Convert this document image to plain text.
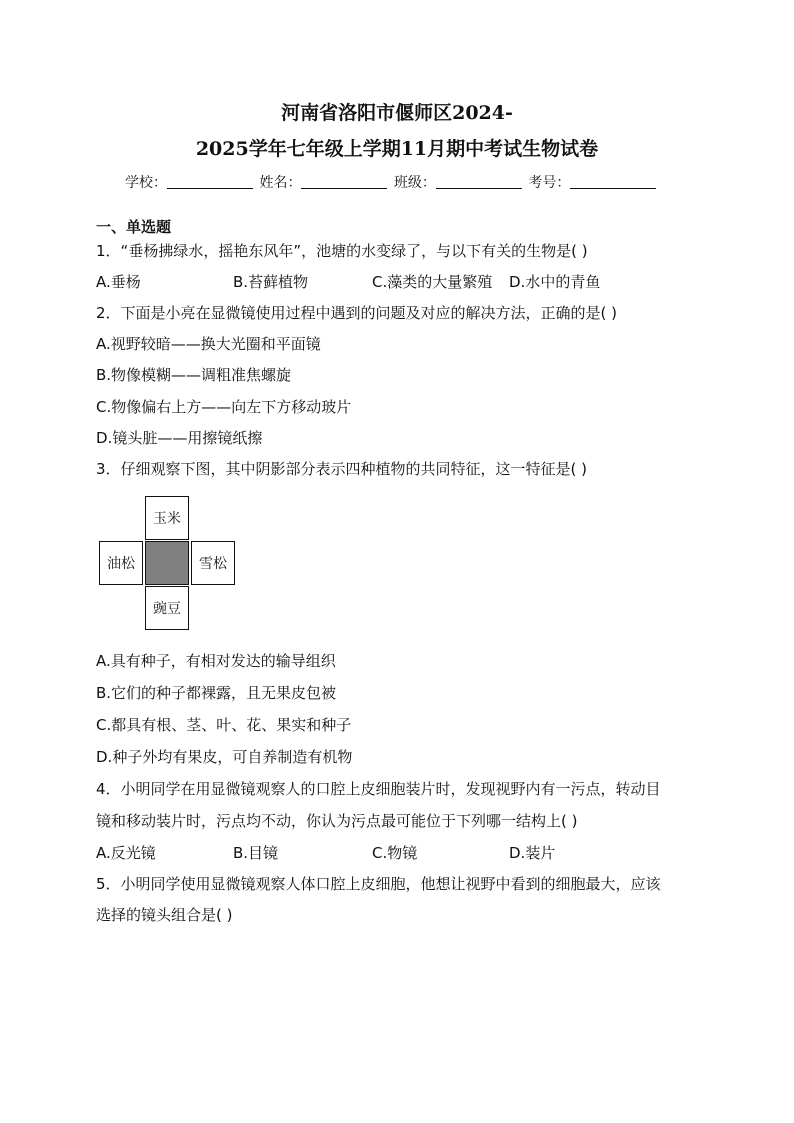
河南省洛阳市偃师区2024-
2025学年七年级上学期11月期中考试生物试卷
学校：	姓名：	班级：	考号：
一、单选题
1．“垂杨拂绿水，摇艳东风年”，池塘的水变绿了，与以下有关的生物是( )
A.垂杨	B.苔藓植物	C.藻类的大量繁殖 D.水中的青鱼
2．下面是小亮在显微镜使用过程中遇到的问题及对应的解决方法，正确的是( )
A.视野较暗——换大光圈和平面镜
B.物像模糊——调粗准焦螺旋
C.物像偏右上方——向左下方移动玻片
D.镜头脏——用擦镜纸擦
3．仔细观察下图，其中阴影部分表示四种植物的共同特征，这一特征是( )
玉米
油松	雪松
豌豆
A.具有种子，有相对发达的输导组织
B.它们的种子都裸露，且无果皮包被
C.都具有根、茎、叶、花、果实和种子
D.种子外均有果皮，可自养制造有机物
4．小明同学在用显微镜观察人的口腔上皮细胞装片时，发现视野内有一污点，转动目
镜和移动装片时，污点均不动，你认为污点最可能位于下列哪一结构上( )
A.反光镜	B.目镜	C.物镜	D.装片
5．小明同学使用显微镜观察人体口腔上皮细胞，他想让视野中看到的细胞最大，应该
选择的镜头组合是( )
